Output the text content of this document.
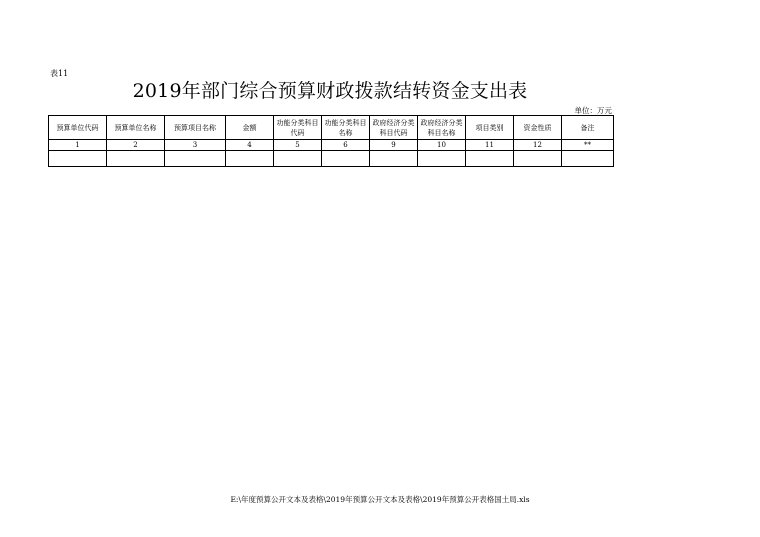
表11
2019年部门综合预算财政拨款结转资金支出表
单位：万元
预算单位代码	预算单位名称	预算项目名称	金额	功能分类科目代码	功能分类科目名称	政府经济分类科目代码	政府经济分类科目名称	项目类别	资金性质	备注
1	2	3	4	5	6	9	10	11	12	**

E:\年度预算公开文本及表格\2019年预算公开文本及表格\2019年预算公开表格国土局.xls
